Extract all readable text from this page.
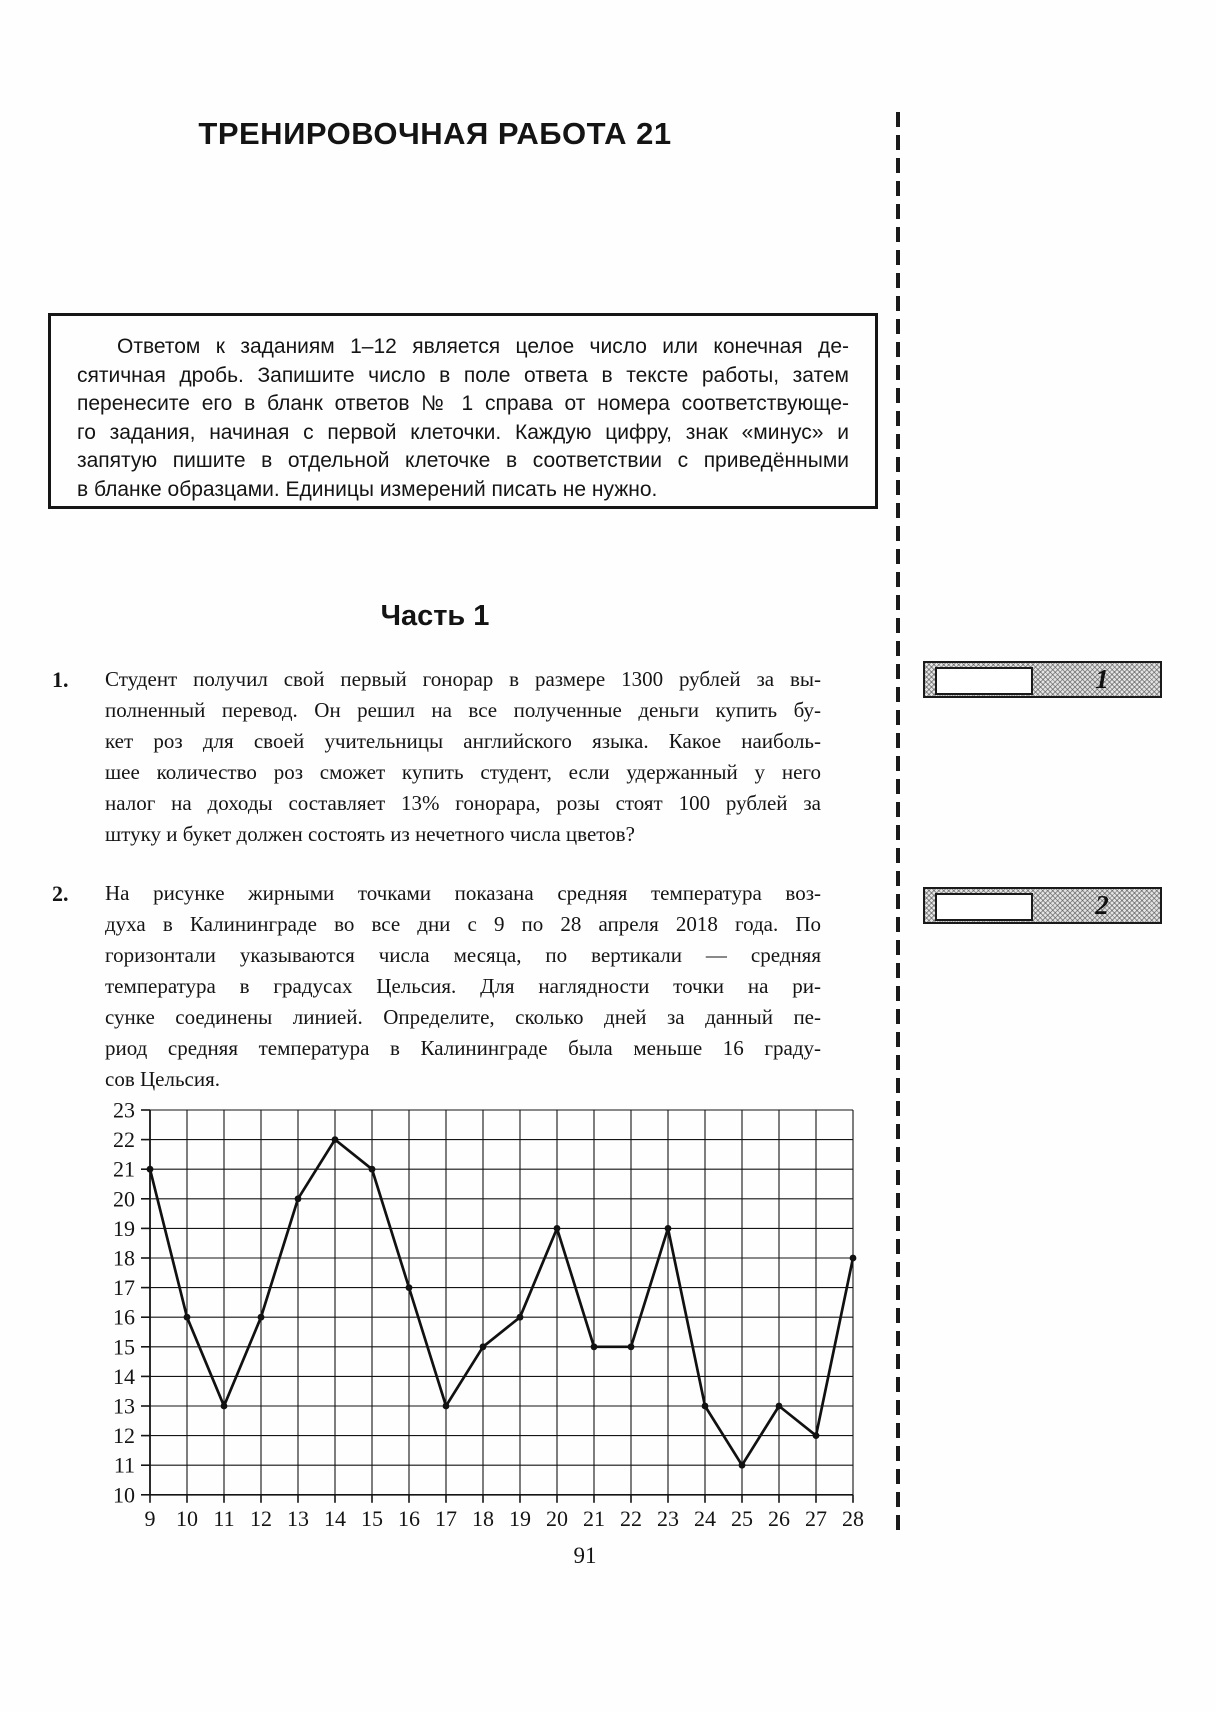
ТРЕНИРОВОЧНАЯ РАБОТА 21
Ответом к заданиям 1–12 является целое число или конечная де-
сятичная дробь. Запишите число в поле ответа в тексте работы, затем
перенесите его в бланк ответов № 1 справа от номера соответствующе-
го задания, начиная с первой клеточки. Каждую цифру, знак «минус» и
запятую пишите в отдельной клеточке в соответствии с приведёнными
в бланке образцами. Единицы измерений писать не нужно.
Часть 1
1.	Студент получил свой первый гонорар в размере 1300 рублей за вы-
полненный перевод. Он решил на все полученные деньги купить бу-
кет роз для своей учительницы английского языка. Какое наиболь-
шее количество роз сможет купить студент, если удержанный у него
налог на доходы составляет 13% гонорара, розы стоят 100 рублей за
штуку и букет должен состоять из нечетного числа цветов?
2.	На рисунке жирными точками показана средняя температура воз-
духа в Калининграде во все дни с 9 по 28 апреля 2018 года. По
горизонтали указываются числа месяца, по вертикали — средняя
температура в градусах Цельсия. Для наглядности точки на ри-
сунке соединены линией. Определите, сколько дней за данный пе-
риод средняя температура в Калининграде была меньше 16 граду-
сов Цельсия.
10
11
12
13
14
15
16
17
18
19
20
21
22
23
9 10 11 12 13 14 15 16 17 18 19 20 21 22 23 24 25 26 27 28
1
2
91
